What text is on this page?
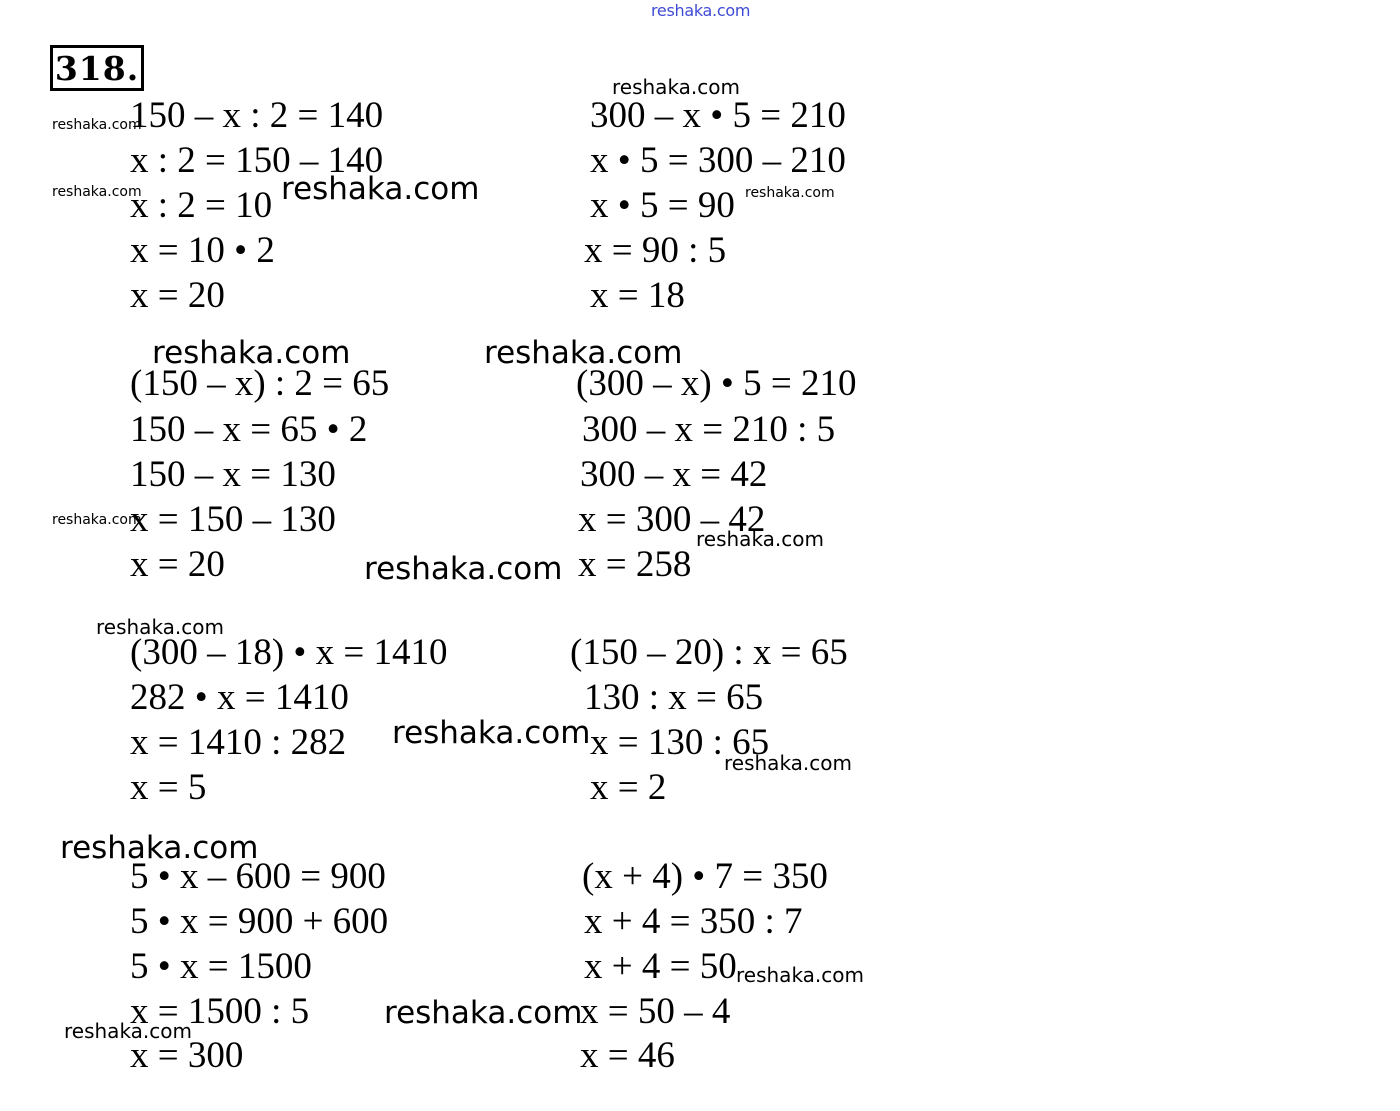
reshaka.com
318.
150 – x : 2 = 140
x : 2 = 150 – 140
x : 2 = 10
x = 10 • 2
x = 20
300 – x • 5 = 210
x • 5 = 300 – 210
x • 5 = 90
x = 90 : 5
x = 18
(150 – x) : 2 = 65
150 – x = 65 • 2
150 – x = 130
x = 150 – 130
x = 20
(300 – x) • 5 = 210
300 – x = 210 : 5
300 – x = 42
x = 300 – 42
x = 258
(300 – 18) • x = 1410
282 • x = 1410
x = 1410 : 282
x = 5
(150 – 20) : x = 65
130 : x = 65
x = 130 : 65
x = 2
5 • x – 600 = 900
5 • x = 900 + 600
5 • x = 1500
x = 1500 : 5
x = 300
(x + 4) • 7 = 350
x + 4 = 350 : 7
x + 4 = 50
x = 50 – 4
x = 46
reshaka.com
reshaka.com
reshaka.com	reshaka.com	reshaka.com
reshaka.com	reshaka.com
reshaka.com
reshaka.com
reshaka.com
reshaka.com
reshaka.com
reshaka.com
reshaka.com
reshaka.com
reshaka.com
reshaka.com
